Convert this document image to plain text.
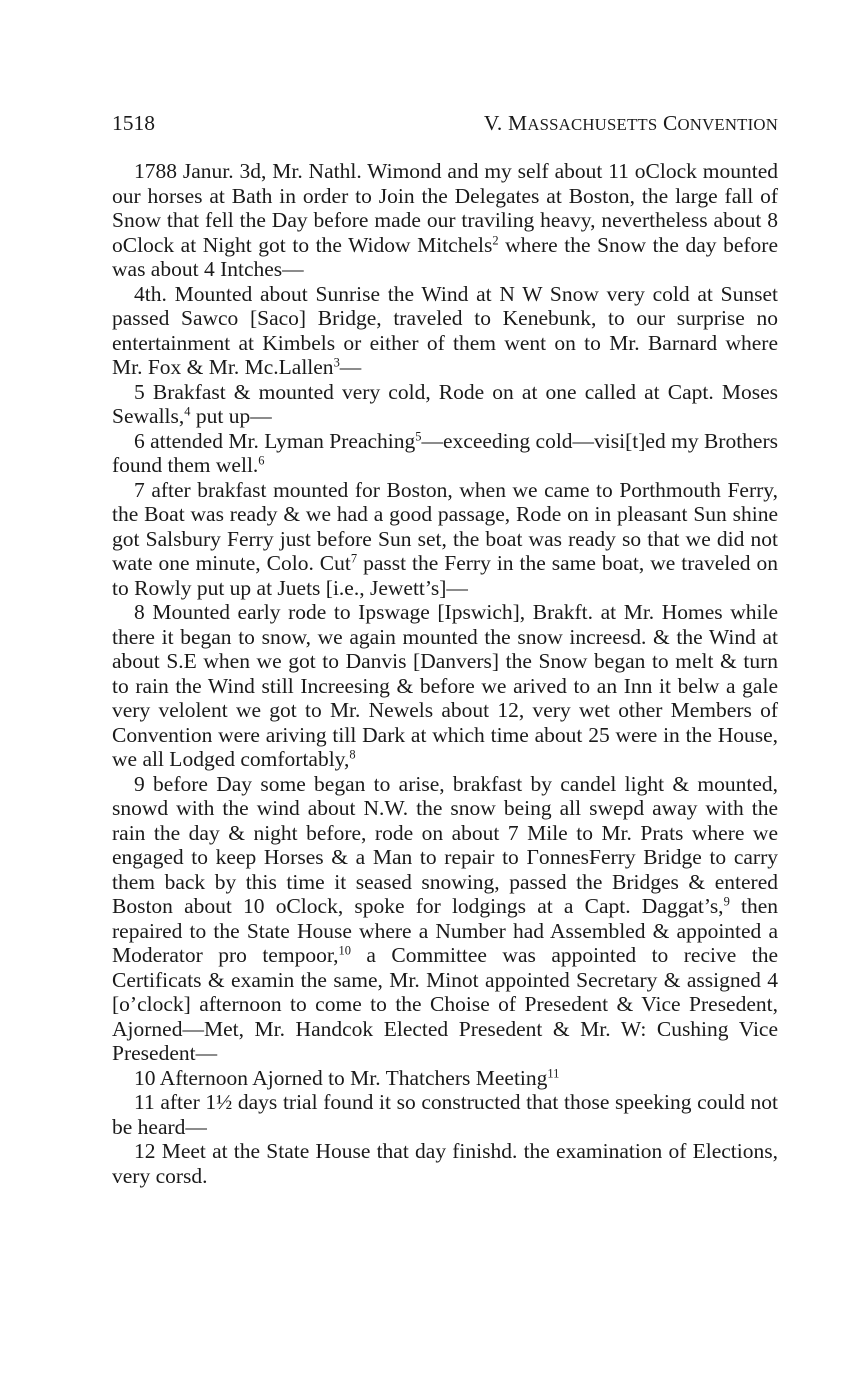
1518	V. MASSACHUSETTS CONVENTION

1788 Janur. 3d, Mr. Nathl. Wimond and my self about 11 oClock mounted our horses at Bath in order to Join the Delegates at Boston, the large fall of Snow that fell the Day before made our traviling heavy, nevertheless about 8 oClock at Night got to the Widow Mitchels$^2$ where the Snow the day before was about 4 Intches—

4th. Mounted about Sunrise the Wind at N W Snow very cold at Sunset passed Sawco [Saco] Bridge, traveled to Kenebunk, to our surprise no entertainment at Kimbels or either of them went on to Mr. Barnard where Mr. Fox & Mr. Mc.Lallen$^3$—

5 Brakfast & mounted very cold, Rode on at one called at Capt. Moses Sewalls,$^4$ put up—

6 attended Mr. Lyman Preaching$^5$—exceeding cold—visi[t]ed my Brothers found them well.$^6$

7 after brakfast mounted for Boston, when we came to Porthmouth Ferry, the Boat was ready & we had a good passage, Rode on in pleasant Sun shine got Salsbury Ferry just before Sun set, the boat was ready so that we did not wate one minute, Colo. Cut$^7$ passt the Ferry in the same boat, we traveled on to Rowly put up at Juets [i.e., Jewett’s]—

8 Mounted early rode to Ipswage [Ipswich], Brakft. at Mr. Homes while there it began to snow, we again mounted the snow increesd. & the Wind at about S.E when we got to Danvis [Danvers] the Snow began to melt & turn to rain the Wind still Increesing & before we arived to an Inn it belw a gale very velolent we got to Mr. Newels about 12, very wet other Members of Convention were ariving till Dark at which time about 25 were in the House, we all Lodged comfortably,$^8$

9 before Day some began to arise, brakfast by candel light & mounted, snowd with the wind about N.W. the snow being all swepd away with the rain the day & night before, rode on about 7 Mile to Mr. Prats where we engaged to keep Horses & a Man to repair to ΓonnesFerry Bridge to carry them back by this time it seased snowing, passed the Bridges & entered Boston about 10 oClock, spoke for lodgings at a Capt. Daggat’s,$^9$ then repaired to the State House where a Number had Assembled & appointed a Moderator pro tempoor,$^{10}$ a Committee was appointed to recive the Certificats & examin the same, Mr. Minot appointed Secretary & assigned 4 [o’clock] afternoon to come to the Choise of Presedent & Vice Presedent, Ajorned—Met, Mr. Handcok Elected Presedent & Mr. W: Cushing Vice Presedent—

10 Afternoon Ajorned to Mr. Thatchers Meeting$^{11}$

11 after 1½ days trial found it so constructed that those speeking could not be heard—

12 Meet at the State House that day finishd. the examination of Elections, very corsd.
